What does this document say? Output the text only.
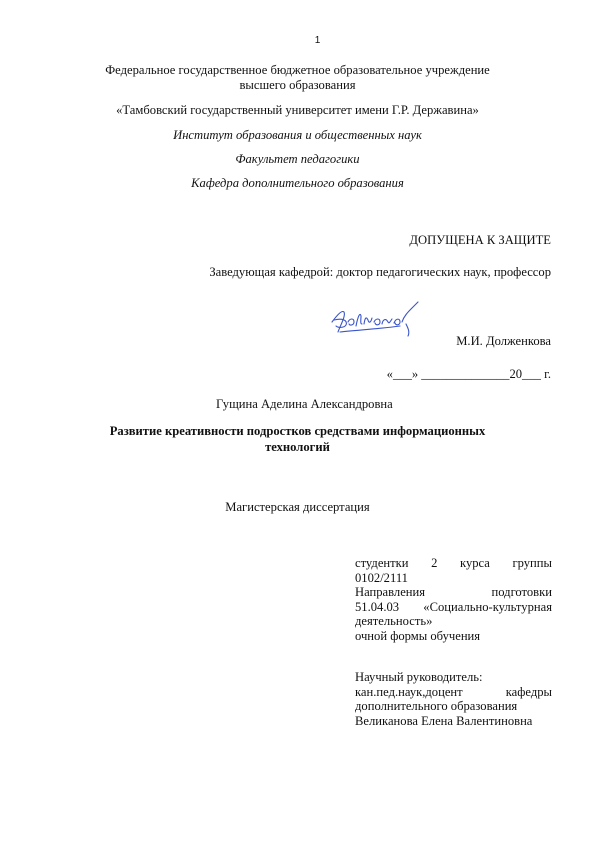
1
Федеральное государственное бюджетное образовательное учреждение
высшего образования
«Тамбовский государственный университет имени Г.Р. Державина»
Институт образования и общественных наук
Факультет педагогики
Кафедра дополнительного образования
ДОПУЩЕНА К ЗАЩИТЕ
Заведующая кафедрой: доктор педагогических наук, профессор
М.И. Долженкова
«___» ______________20___ г.
Гущина Аделина Александровна
Развитие креативности подростков средствами информационных
технологий
Магистерская диссертация
студентки 2 курса группы
0102/2111
Направления подготовки
51.04.03 «Социально-культурная
деятельность»
очной формы обучения
Научный руководитель:
кан.пед.наук,доцент кафедры
дополнительного образования
Великанова Елена Валентиновна
